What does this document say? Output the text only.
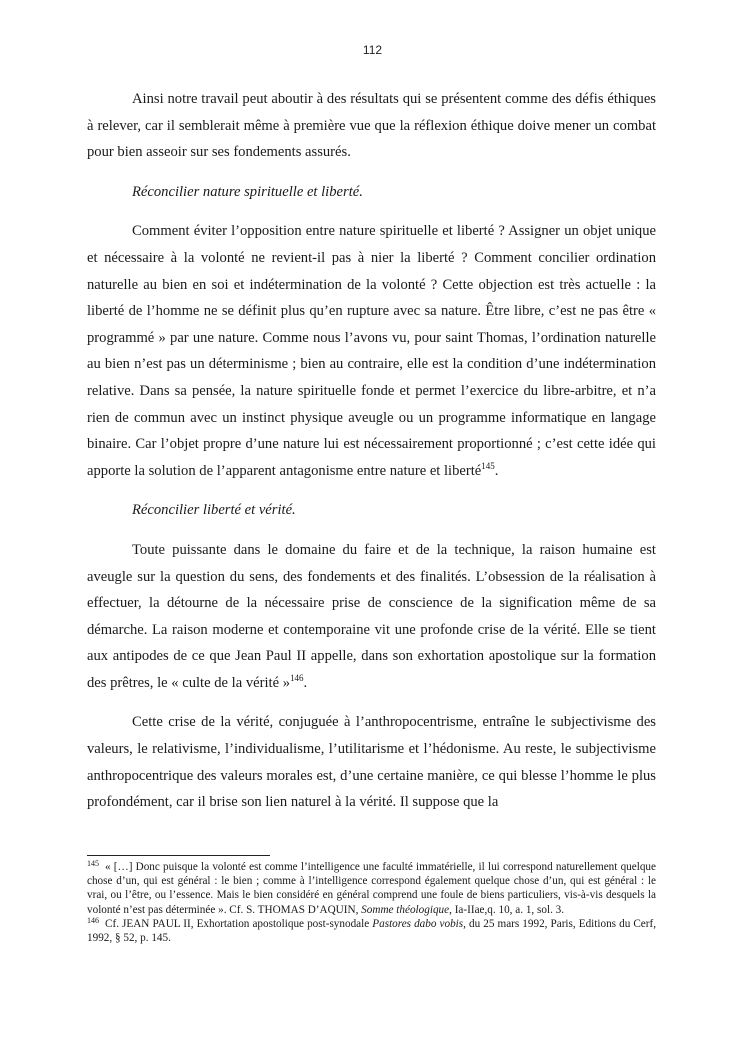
112

Ainsi notre travail peut aboutir à des résultats qui se présentent comme des défis éthiques à relever, car il semblerait même à première vue que la réflexion éthique doive mener un combat pour bien asseoir sur ses fondements assurés.

Réconcilier nature spirituelle et liberté.

Comment éviter l’opposition entre nature spirituelle et liberté ? Assigner un objet unique et nécessaire à la volonté ne revient-il pas à nier la liberté ? Comment concilier ordination naturelle au bien en soi et indétermination de la volonté ? Cette objection est très actuelle : la liberté de l’homme ne se définit plus qu’en rupture avec sa nature. Être libre, c’est ne pas être « programmé » par une nature. Comme nous l’avons vu, pour saint Thomas, l’ordination naturelle au bien n’est pas un déterminisme ; bien au contraire, elle est la condition d’une indétermination relative. Dans sa pensée, la nature spirituelle fonde et permet l’exercice du libre-arbitre, et n’a rien de commun avec un instinct physique aveugle ou un programme informatique en langage binaire. Car l’objet propre d’une nature lui est nécessairement proportionné ; c’est cette idée qui apporte la solution de l’apparent antagonisme entre nature et liberté$^{145}$.

Réconcilier liberté et vérité.

Toute puissante dans le domaine du faire et de la technique, la raison humaine est aveugle sur la question du sens, des fondements et des finalités. L’obsession de la réalisation à effectuer, la détourne de la nécessaire prise de conscience de la signification même de sa démarche. La raison moderne et contemporaine vit une profonde crise de la vérité. Elle se tient aux antipodes de ce que Jean Paul II appelle, dans son exhortation apostolique sur la formation des prêtres, le « culte de la vérité »$^{146}$.

Cette crise de la vérité, conjuguée à l’anthropocentrisme, entraîne le subjectivisme des valeurs, le relativisme, l’individualisme, l’utilitarisme et l’hédonisme. Au reste, le subjectivisme anthropocentrique des valeurs morales est, d’une certaine manière, ce qui blesse l’homme le plus profondément, car il brise son lien naturel à la vérité. Il suppose que la

$^{145}$ « […] Donc puisque la volonté est comme l’intelligence une faculté immatérielle, il lui correspond naturellement quelque chose d’un, qui est général : le bien ; comme à l’intelligence correspond également quelque chose d’un, qui est général : le vrai, ou l’être, ou l’essence. Mais le bien considéré en général comprend une foule de biens particuliers, vis-à-vis desquels la volonté n’est pas déterminée ». Cf. S. THOMAS D’AQUIN, Somme théologique, Ia-IIae,q. 10, a. 1, sol. 3.

$^{146}$ Cf. JEAN PAUL II, Exhortation apostolique post-synodale Pastores dabo vobis, du 25 mars 1992, Paris, Editions du Cerf, 1992, § 52, p. 145.
